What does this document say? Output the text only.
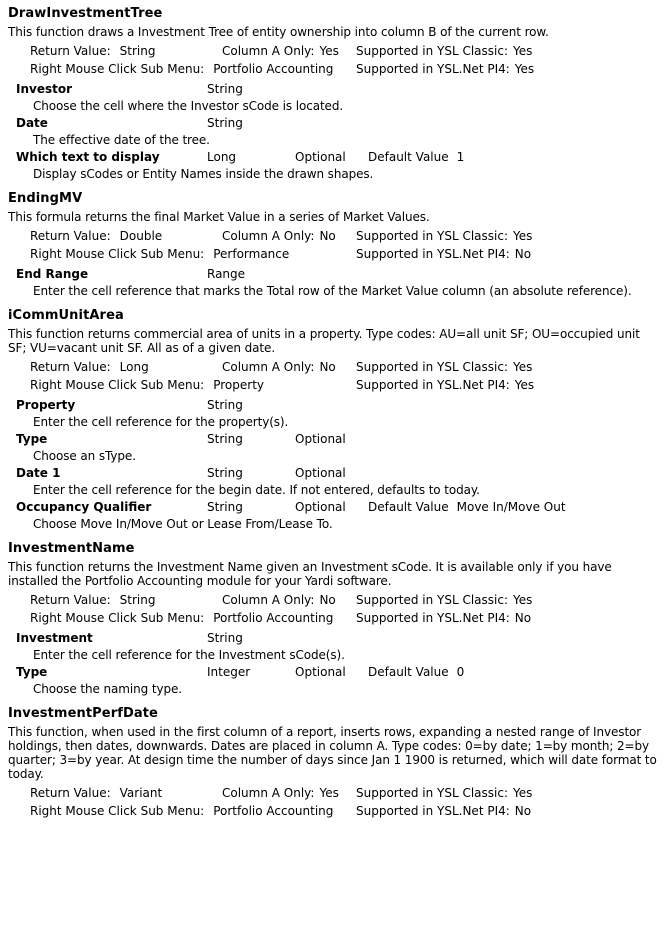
DrawInvestmentTree

This function draws a Investment Tree of entity ownership into column B of the current row.

Return Value: String	Column A Only: Yes Supported in YSL Classic: Yes
Right Mouse Click Sub Menu: Portfolio Accounting Supported in YSL.Net PI4: Yes
Investor	String

Choose the cell where the Investor sCode is located.

Date	String

The effective date of the tree.

Which text to display	Long	Optional Default Value 1

Display sCodes or Entity Names inside the drawn shapes.

EndingMV

This formula returns the final Market Value in a series of Market Values.

Return Value: Double	Column A Only: No Supported in YSL Classic: Yes
Right Mouse Click Sub Menu: Performance	Supported in YSL.Net PI4: No
End Range	Range

Enter the cell reference that marks the Total row of the Market Value column (an absolute reference).

iCommUnitArea

This function returns commercial area of units in a property. Type codes: AU=all unit SF; OU=occupied unit SF; VU=vacant unit SF. All as of a given date.

Return Value: Long	Column A Only: No Supported in YSL Classic: Yes
Right Mouse Click Sub Menu: Property	Supported in YSL.Net PI4: Yes
Property	String

Enter the cell reference for the property(s).

Type	String	Optional

Choose an sType.

Date 1	String	Optional

Enter the cell reference for the begin date. If not entered, defaults to today.

Occupancy Qualifier	String	Optional Default Value Move In/Move Out

Choose Move In/Move Out or Lease From/Lease To.

InvestmentName

This function returns the Investment Name given an Investment sCode. It is available only if you have installed the Portfolio Accounting module for your Yardi software.

Return Value: String	Column A Only: No Supported in YSL Classic: Yes
Right Mouse Click Sub Menu: Portfolio Accounting Supported in YSL.Net PI4: No
Investment	String

Enter the cell reference for the Investment sCode(s).

Type	Integer	Optional Default Value 0

Choose the naming type.

InvestmentPerfDate

This function, when used in the first column of a report, inserts rows, expanding a nested range of Investor holdings, then dates, downwards. Dates are placed in column A. Type codes: 0=by date; 1=by month; 2=by quarter; 3=by year. At design time the number of days since Jan 1 1900 is returned, which will date format to today.

Return Value: Variant	Column A Only: Yes Supported in YSL Classic: Yes
Right Mouse Click Sub Menu: Portfolio Accounting Supported in YSL.Net PI4: No
